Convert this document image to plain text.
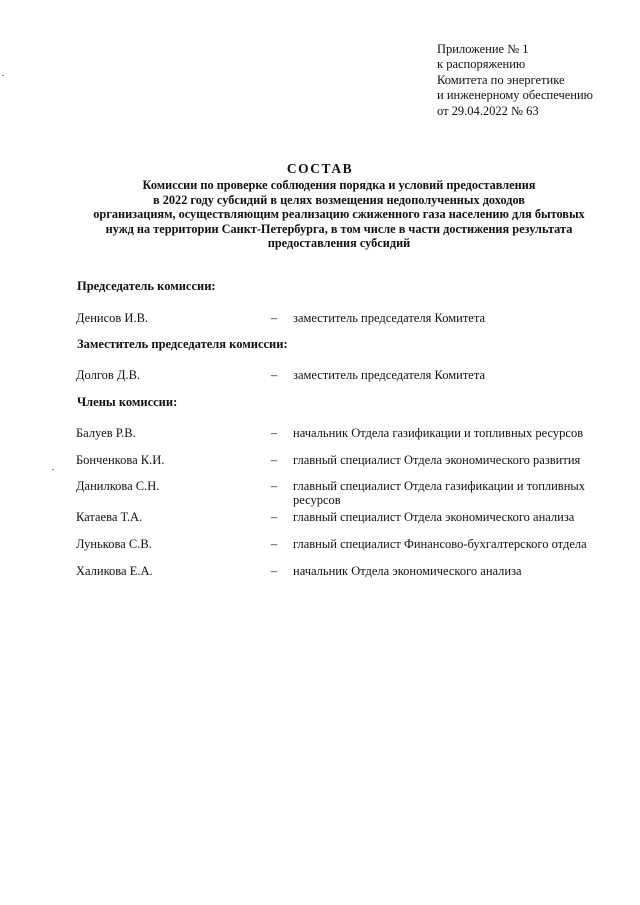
Приложение № 1
к распоряжению
Комитета по энергетике
и инженерному обеспечению
от 29.04.2022 № 63
СОСТАВ
Комиссии по проверке соблюдения порядка и условий предоставления
в 2022 году субсидий в целях возмещения недополученных доходов
организациям, осуществляющим реализацию сжиженного газа населению для бытовых
нужд на территории Санкт-Петербурга, в том числе в части достижения результата
предоставления субсидий
Председатель комиссии:
Денисов И.В.	–	заместитель председателя Комитета
Заместитель председателя комиссии:
Долгов Д.В.	–	заместитель председателя Комитета
Члены комиссии:
Балуев Р.В.	–	начальник Отдела газификации и топливных ресурсов
Бонченкова К.И.	–	главный специалист Отдела экономического развития
Данилкова С.Н.	–	главный специалист Отдела газификации и топливных ресурсов
Катаева Т.А.	–	главный специалист Отдела экономического анализа
Лунькова С.В.	–	главный специалист Финансово-бухгалтерского отдела
Халикова Е.А.	–	начальник Отдела экономического анализа
